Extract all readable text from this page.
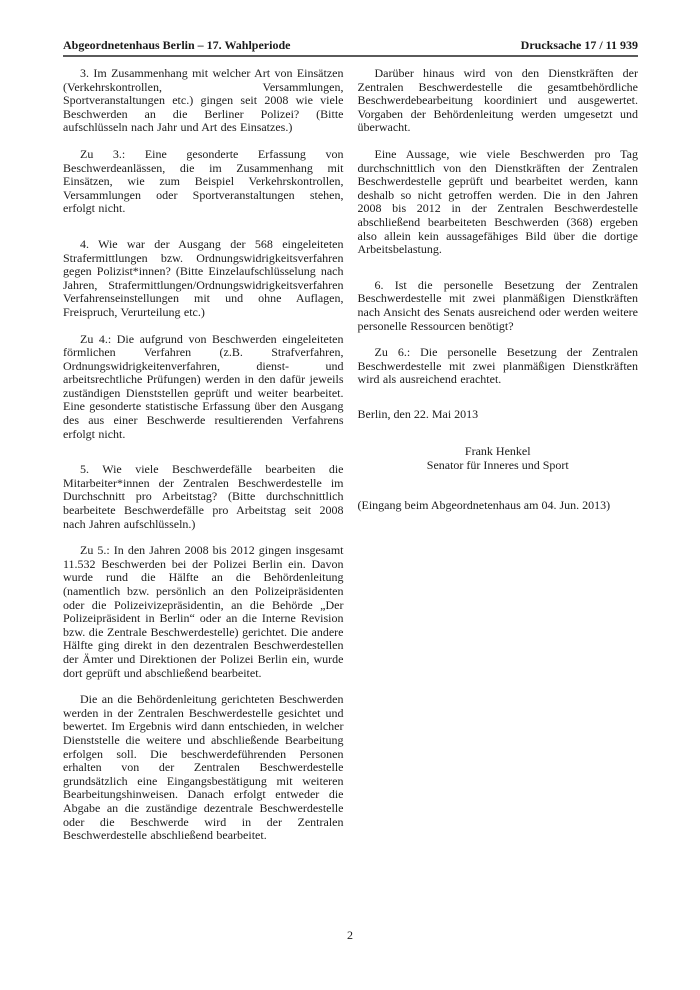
Abgeordnetenhaus Berlin – 17. Wahlperiode	Drucksache 17 / 11 939

3. Im Zusammenhang mit welcher Art von Einsätzen (Verkehrskontrollen, Versammlungen, Sportveranstaltungen etc.) gingen seit 2008 wie viele Beschwerden an die Berliner Polizei? (Bitte aufschlüsseln nach Jahr und Art des Einsatzes.)

Zu 3.: Eine gesonderte Erfassung von Beschwerdeanlässen, die im Zusammenhang mit Einsätzen, wie zum Beispiel Verkehrskontrollen, Versammlungen oder Sportveranstaltungen stehen, erfolgt nicht.

4. Wie war der Ausgang der 568 eingeleiteten Strafermittlungen bzw. Ordnungswidrigkeitsverfahren gegen Polizist*innen? (Bitte Einzelaufschlüsselung nach Jahren, Strafermittlungen/Ordnungswidrigkeitsverfahren Verfahrenseinstellungen mit und ohne Auflagen, Freispruch, Verurteilung etc.)

Zu 4.: Die aufgrund von Beschwerden eingeleiteten förmlichen Verfahren (z.B. Strafverfahren, Ordnungswidrigkeitenverfahren, dienst- und arbeitsrechtliche Prüfungen) werden in den dafür jeweils zuständigen Dienststellen geprüft und weiter bearbeitet. Eine gesonderte statistische Erfassung über den Ausgang des aus einer Beschwerde resultierenden Verfahrens erfolgt nicht.

5. Wie viele Beschwerdefälle bearbeiten die Mitarbeiter*innen der Zentralen Beschwerdestelle im Durchschnitt pro Arbeitstag? (Bitte durchschnittlich bearbeitete Beschwerdefälle pro Arbeitstag seit 2008 nach Jahren aufschlüsseln.)

Zu 5.: In den Jahren 2008 bis 2012 gingen insgesamt 11.532 Beschwerden bei der Polizei Berlin ein. Davon wurde rund die Hälfte an die Behördenleitung (namentlich bzw. persönlich an den Polizeipräsidenten oder die Polizeivizepräsidentin, an die Behörde „Der Polizeipräsident in Berlin“ oder an die Interne Revision bzw. die Zentrale Beschwerdestelle) gerichtet. Die andere Hälfte ging direkt in den dezentralen Beschwerdestellen der Ämter und Direktionen der Polizei Berlin ein, wurde dort geprüft und abschließend bearbeitet.

Die an die Behördenleitung gerichteten Beschwerden werden in der Zentralen Beschwerdestelle gesichtet und bewertet. Im Ergebnis wird dann entschieden, in welcher Dienststelle die weitere und abschließende Bearbeitung erfolgen soll. Die beschwerdeführenden Personen erhalten von der Zentralen Beschwerdestelle grundsätzlich eine Eingangsbestätigung mit weiteren Bearbeitungshinweisen. Danach erfolgt entweder die Abgabe an die zuständige dezentrale Beschwerdestelle oder die Beschwerde wird in der Zentralen Beschwerdestelle abschließend bearbeitet.

Darüber hinaus wird von den Dienstkräften der Zentralen Beschwerdestelle die gesamtbehördliche Beschwerdebearbeitung koordiniert und ausgewertet. Vorgaben der Behördenleitung werden umgesetzt und überwacht.

Eine Aussage, wie viele Beschwerden pro Tag durchschnittlich von den Dienstkräften der Zentralen Beschwerdestelle geprüft und bearbeitet werden, kann deshalb so nicht getroffen werden. Die in den Jahren 2008 bis 2012 in der Zentralen Beschwerdestelle abschließend bearbeiteten Beschwerden (368) ergeben also allein kein aussagefähiges Bild über die dortige Arbeitsbelastung.

6. Ist die personelle Besetzung der Zentralen Beschwerdestelle mit zwei planmäßigen Dienstkräften nach Ansicht des Senats ausreichend oder werden weitere personelle Ressourcen benötigt?

Zu 6.: Die personelle Besetzung der Zentralen Beschwerdestelle mit zwei planmäßigen Dienstkräften wird als ausreichend erachtet.

Berlin, den 22. Mai 2013

Frank Henkel
Senator für Inneres und Sport

(Eingang beim Abgeordnetenhaus am 04. Jun. 2013)

2
